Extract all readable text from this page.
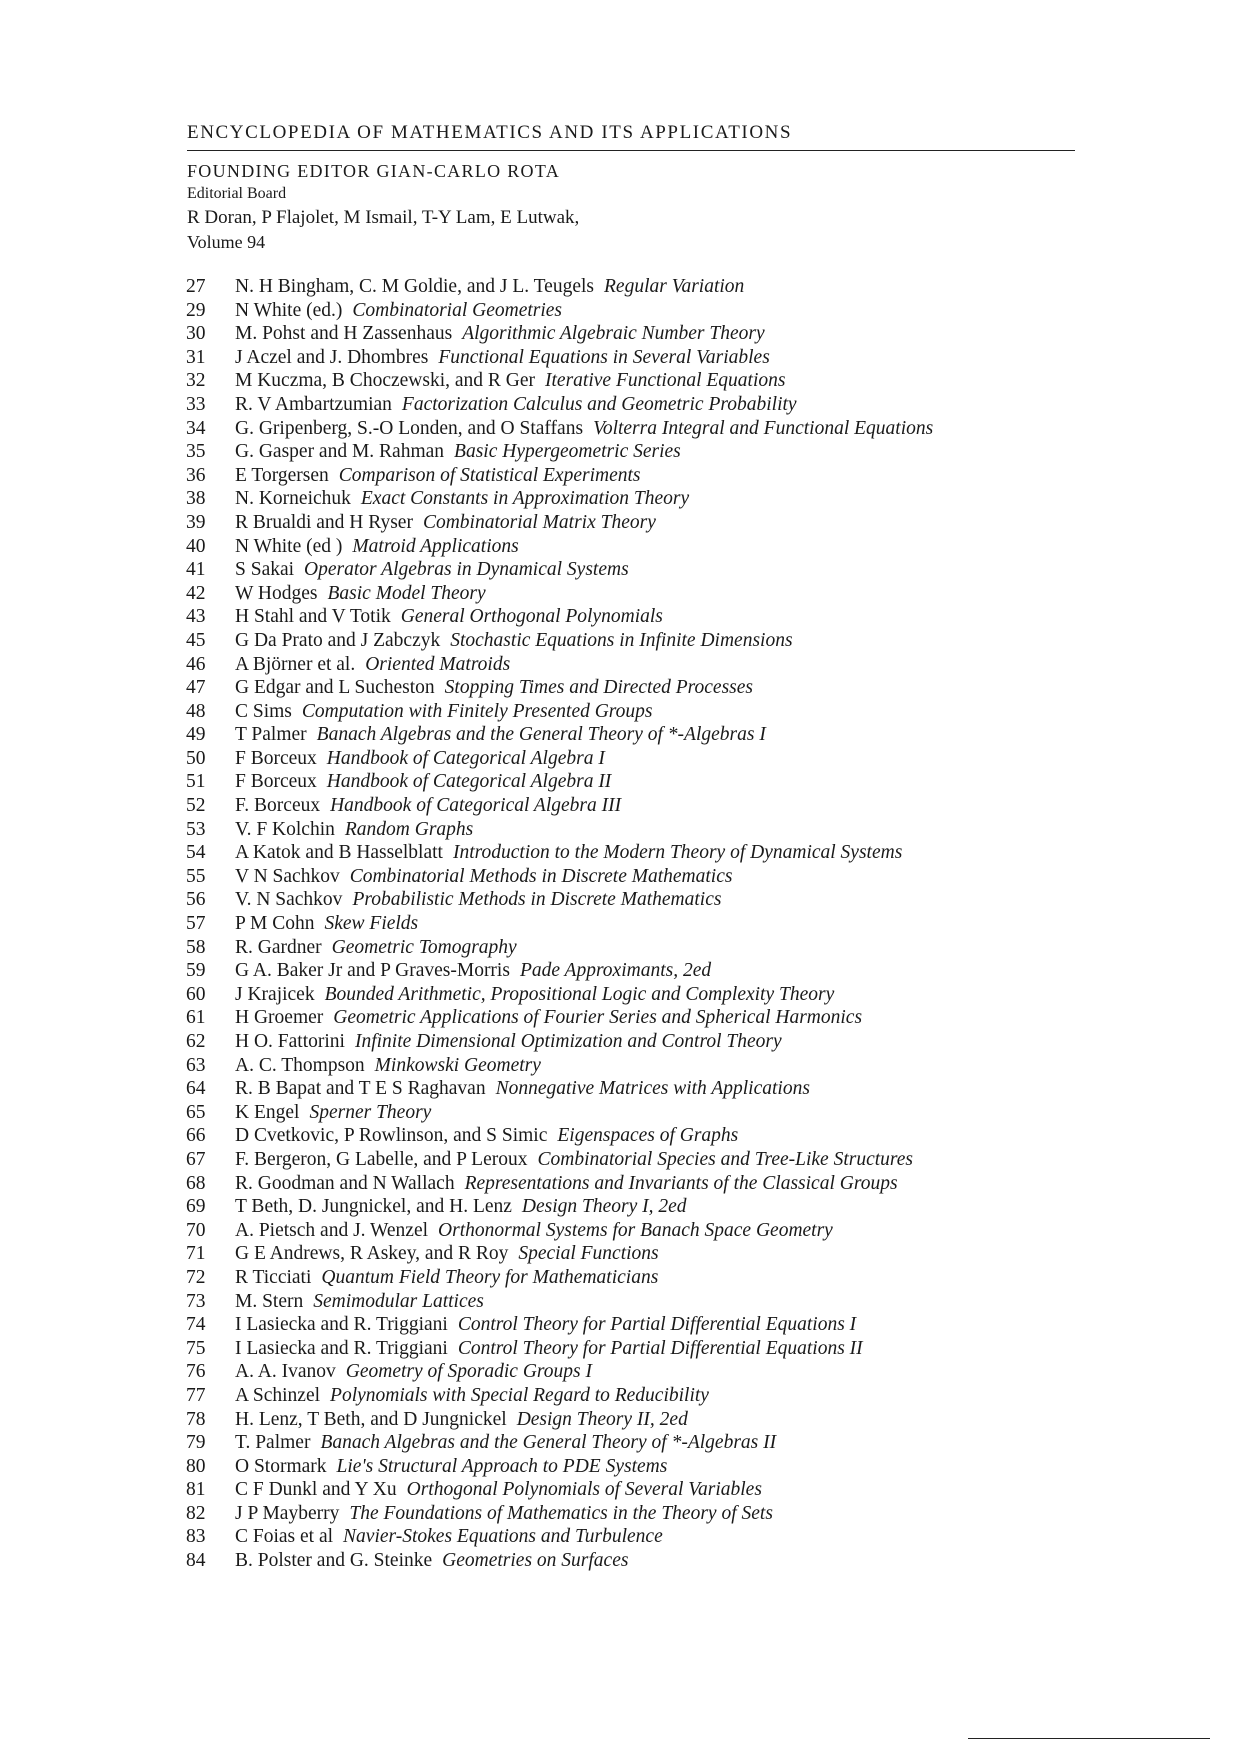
ENCYCLOPEDIA OF MATHEMATICS AND ITS APPLICATIONS
FOUNDING EDITOR GIAN-CARLO ROTA
Editorial Board
R Doran, P Flajolet, M Ismail, T-Y Lam, E Lutwak,
Volume 94
27	N. H Bingham, C. M Goldie, and J L. Teugels Regular Variation
29	N White (ed.) Combinatorial Geometries
30	M. Pohst and H Zassenhaus Algorithmic Algebraic Number Theory
31	J Aczel and J. Dhombres Functional Equations in Several Variables
32	M Kuczma, B Choczewski, and R Ger Iterative Functional Equations
33	R. V Ambartzumian Factorization Calculus and Geometric Probability
34	G. Gripenberg, S.-O Londen, and O Staffans Volterra Integral and Functional Equations
35	G. Gasper and M. Rahman Basic Hypergeometric Series
36	E Torgersen Comparison of Statistical Experiments
38	N. Korneichuk Exact Constants in Approximation Theory
39	R Brualdi and H Ryser Combinatorial Matrix Theory
40	N White (ed ) Matroid Applications
41	S Sakai Operator Algebras in Dynamical Systems
42	W Hodges Basic Model Theory
43	H Stahl and V Totik General Orthogonal Polynomials
45	G Da Prato and J Zabczyk Stochastic Equations in Infinite Dimensions
46	A Björner et al. Oriented Matroids
47	G Edgar and L Sucheston Stopping Times and Directed Processes
48	C Sims Computation with Finitely Presented Groups
49	T Palmer Banach Algebras and the General Theory of *-Algebras I
50	F Borceux Handbook of Categorical Algebra I
51	F Borceux Handbook of Categorical Algebra II
52	F. Borceux Handbook of Categorical Algebra III
53	V. F Kolchin Random Graphs
54	A Katok and B Hasselblatt Introduction to the Modern Theory of Dynamical Systems
55	V N Sachkov Combinatorial Methods in Discrete Mathematics
56	V. N Sachkov Probabilistic Methods in Discrete Mathematics
57	P M Cohn Skew Fields
58	R. Gardner Geometric Tomography
59	G A. Baker Jr and P Graves-Morris Pade Approximants, 2ed
60	J Krajicek Bounded Arithmetic, Propositional Logic and Complexity Theory
61	H Groemer Geometric Applications of Fourier Series and Spherical Harmonics
62	H O. Fattorini Infinite Dimensional Optimization and Control Theory
63	A. C. Thompson Minkowski Geometry
64	R. B Bapat and T E S Raghavan Nonnegative Matrices with Applications
65	K Engel Sperner Theory
66	D Cvetkovic, P Rowlinson, and S Simic Eigenspaces of Graphs
67	F. Bergeron, G Labelle, and P Leroux Combinatorial Species and Tree-Like Structures
68	R. Goodman and N Wallach Representations and Invariants of the Classical Groups
69	T Beth, D. Jungnickel, and H. Lenz Design Theory I, 2ed
70	A. Pietsch and J. Wenzel Orthonormal Systems for Banach Space Geometry
71	G E Andrews, R Askey, and R Roy Special Functions
72	R Ticciati Quantum Field Theory for Mathematicians
73	M. Stern Semimodular Lattices
74	I Lasiecka and R. Triggiani Control Theory for Partial Differential Equations I
75	I Lasiecka and R. Triggiani Control Theory for Partial Differential Equations II
76	A. A. Ivanov Geometry of Sporadic Groups I
77	A Schinzel Polynomials with Special Regard to Reducibility
78	H. Lenz, T Beth, and D Jungnickel Design Theory II, 2ed
79	T. Palmer Banach Algebras and the General Theory of *-Algebras II
80	O Stormark Lie's Structural Approach to PDE Systems
81	C F Dunkl and Y Xu Orthogonal Polynomials of Several Variables
82	J P Mayberry The Foundations of Mathematics in the Theory of Sets
83	C Foias et al Navier-Stokes Equations and Turbulence
84	B. Polster and G. Steinke Geometries on Surfaces
